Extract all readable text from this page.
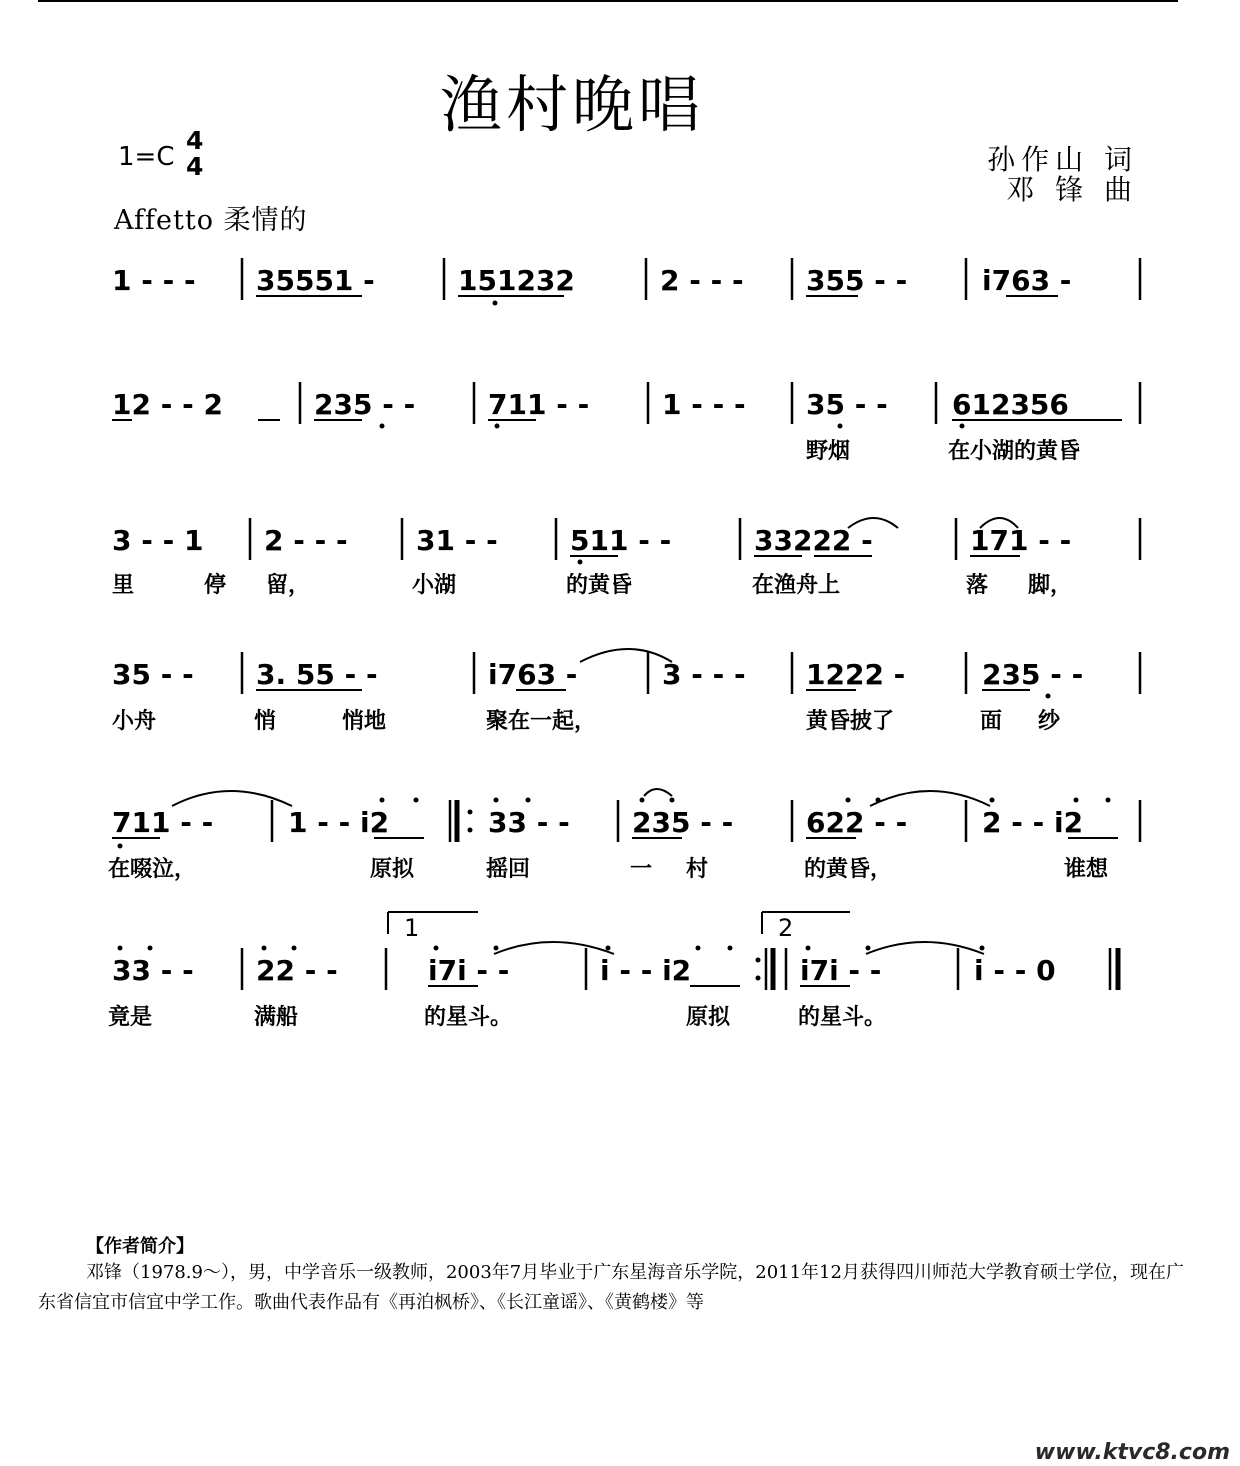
渔村晚唱
1=C
4
4
Affetto 柔情的
孙作山 词
邓 锋 曲
1 - - - 35551 -	151232	2 - - - 355 - -	i763 -
12 - - 2	235 - -	711 - -	1 - - - 35 - - 612356
野烟	在小湖的黄昏
3 - - 1 2 - - - 31 - -	511 - -	33222 -	171 - -
里	停 留，	小湖	的黄昏	在渔舟上	落 脚，
35 - - 3. 55 - -	i763 -	3 - - - 1222 -	235 - -
小舟	悄	悄地	聚在一起，	黄昏披了	面 纱
711 - -	1 - - i2	33 - - 235 - -	622 - -	2 - - i2
在啜泣，	原拟	摇回	一 村	的黄昏，	谁想
33 - - 22 - -	i7i - -	i - - i2	i7i - -	i - - 0
1	2
竟是	满船	的星斗。	原拟	的星斗。
【作者简介】
邓锋（1978.9～），男，中学音乐一级教师，2003年7月毕业于广东星海音乐学院，2011年12月获得四川师范大学教育硕士学位，现在广东省信宜市信宜中学工作。歌曲代表作品有《再泊枫桥》、《长江童谣》、《黄鹤楼》等
www.ktvc8.com
